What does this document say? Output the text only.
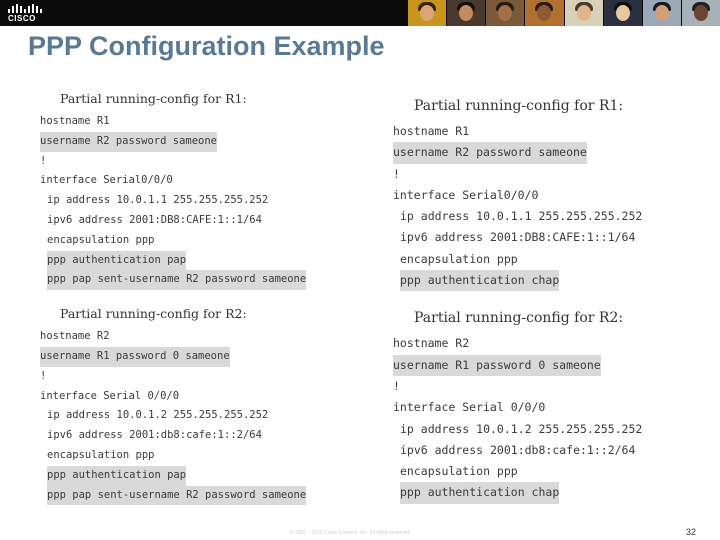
CISCO
PPP Configuration Example
Partial running-config for R1:
hostname R1
username R2 password sameone
!
interface Serial0/0/0
ip address 10.0.1.1 255.255.255.252
ipv6 address 2001:DB8:CAFE:1::1/64
encapsulation ppp
ppp authentication pap
ppp pap sent-username R2 password sameone
Partial running-config for R2:
hostname R2
username R1 password 0 sameone
!
interface Serial 0/0/0
ip address 10.0.1.2 255.255.255.252
ipv6 address 2001:db8:cafe:1::2/64
encapsulation ppp
ppp authentication pap
ppp pap sent-username R2 password sameone
Partial running-config for R1:
hostname R1
username R2 password sameone
!
interface Serial0/0/0
ip address 10.0.1.1 255.255.255.252
ipv6 address 2001:DB8:CAFE:1::1/64
encapsulation ppp
ppp authentication chap
Partial running-config for R2:
hostname R2
username R1 password 0 sameone
!
interface Serial 0/0/0
ip address 10.0.1.2 255.255.255.252
ipv6 address 2001:db8:cafe:1::2/64
encapsulation ppp
ppp authentication chap
© 2007 – 2016 Cisco Systems, Inc. All rights reserved.	32
